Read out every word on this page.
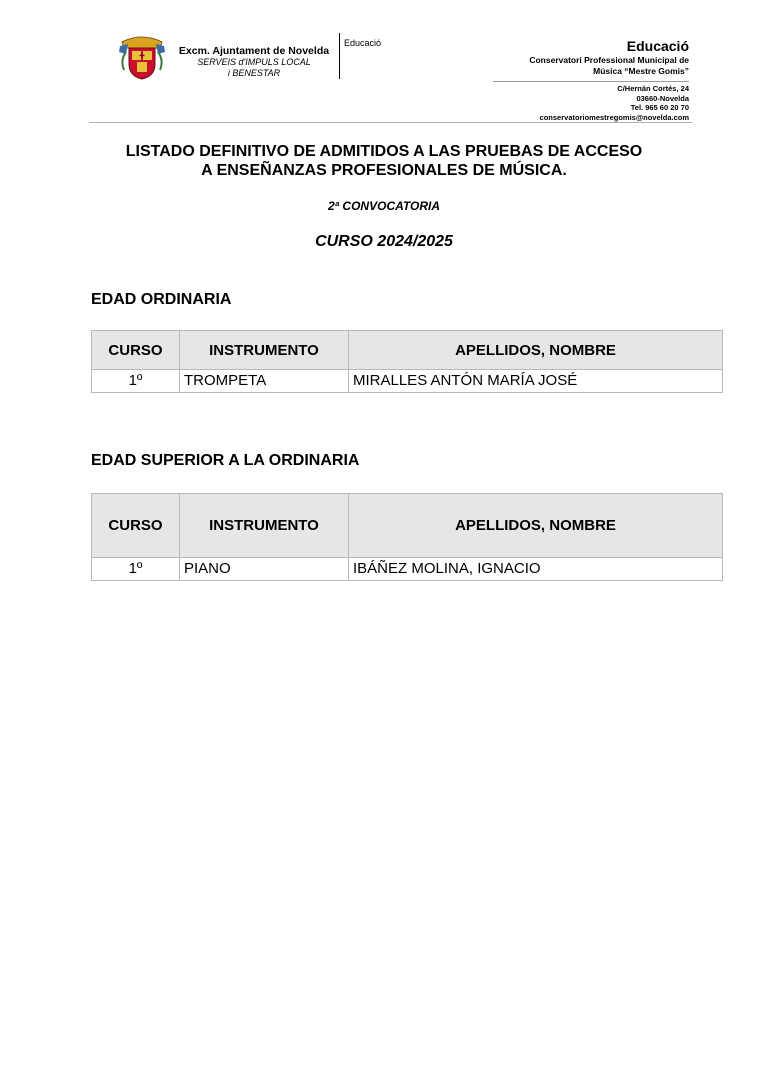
Excm. Ajuntament de Novelda
SERVEIS d'IMPULS LOCAL
i BENESTAR
Educació	Educació
Conservatori Professional Municipal de
Música “Mestre Gomis”
C/Hernán Cortés, 24
03660-Novelda
Tel. 965 60 20 70
conservatoriomestregomis@novelda.com
LISTADO DEFINITIVO DE ADMITIDOS A LAS PRUEBAS DE ACCESO
A ENSEÑANZAS PROFESIONALES DE MÚSICA.
2ª CONVOCATORIA
CURSO 2024/2025
EDAD ORDINARIA
CURSO	INSTRUMENTO	APELLIDOS, NOMBRE
1º	TROMPETA	MIRALLES ANTÓN MARÍA JOSÉ
EDAD SUPERIOR A LA ORDINARIA
CURSO	INSTRUMENTO	APELLIDOS, NOMBRE
1º	PIANO	IBÁÑEZ MOLINA, IGNACIO
